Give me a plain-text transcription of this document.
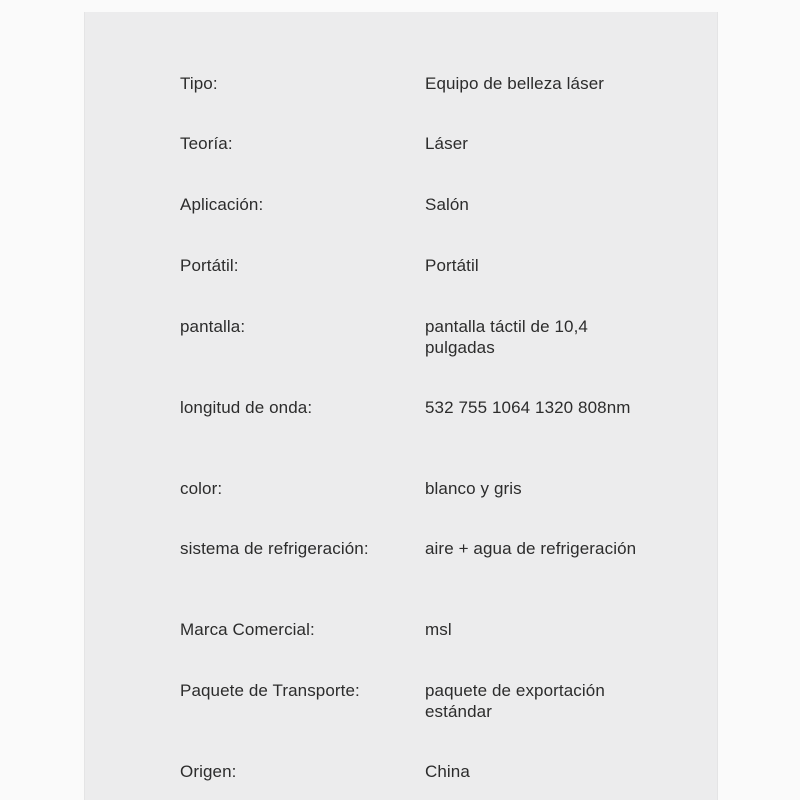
Tipo:	Equipo de belleza láser
Teoría:	Láser
Aplicación:	Salón
Portátil:	Portátil
pantalla:	pantalla táctil de 10,4 pulgadas
longitud de onda:	532 755 1064 1320 808nm
color:	blanco y gris
sistema de refrigeración:	aire + agua de refrigeración
Marca Comercial:	msl
Paquete de Transporte:	paquete de exportación estándar
Origen:	China
